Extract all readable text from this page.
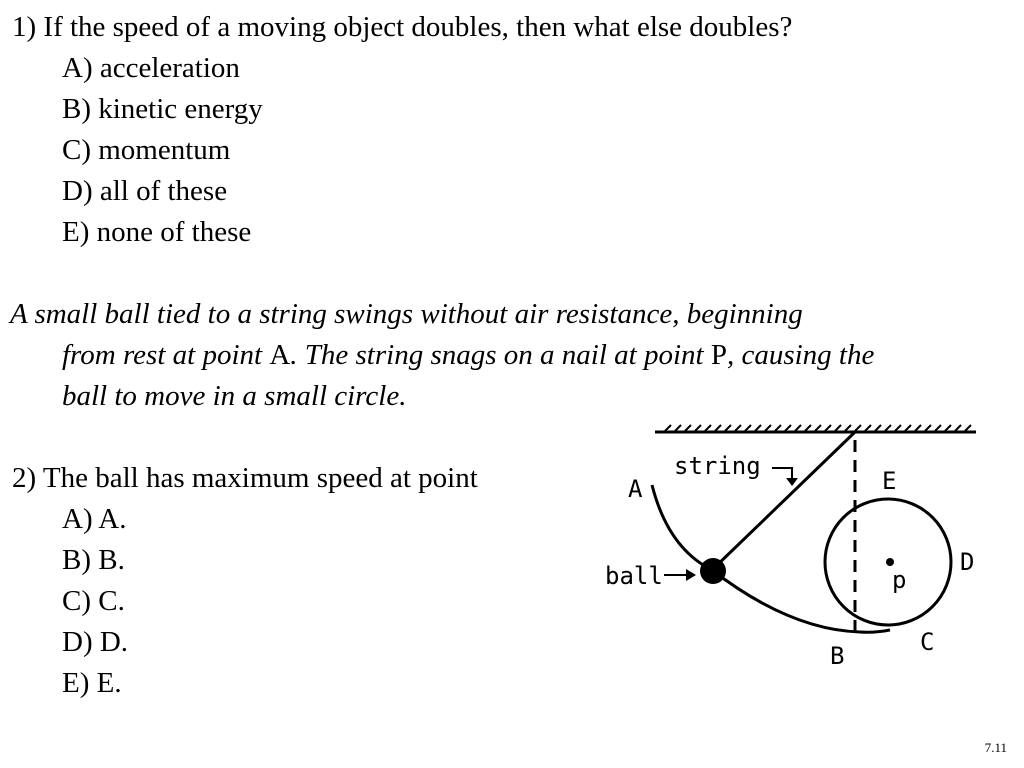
1) If the speed of a moving object doubles, then what else doubles?
A) acceleration
B) kinetic energy
C) momentum
D) all of these
E) none of these
A small ball tied to a string swings without air resistance, beginning
from rest at point A. The string snags on a nail at point P, causing the
ball to move in a small circle.
2) The ball has maximum speed at point
A) A.
B) B.
C) C.
D) D.
E) E.
A
string
ball
B	C
D
E
p
7.11
